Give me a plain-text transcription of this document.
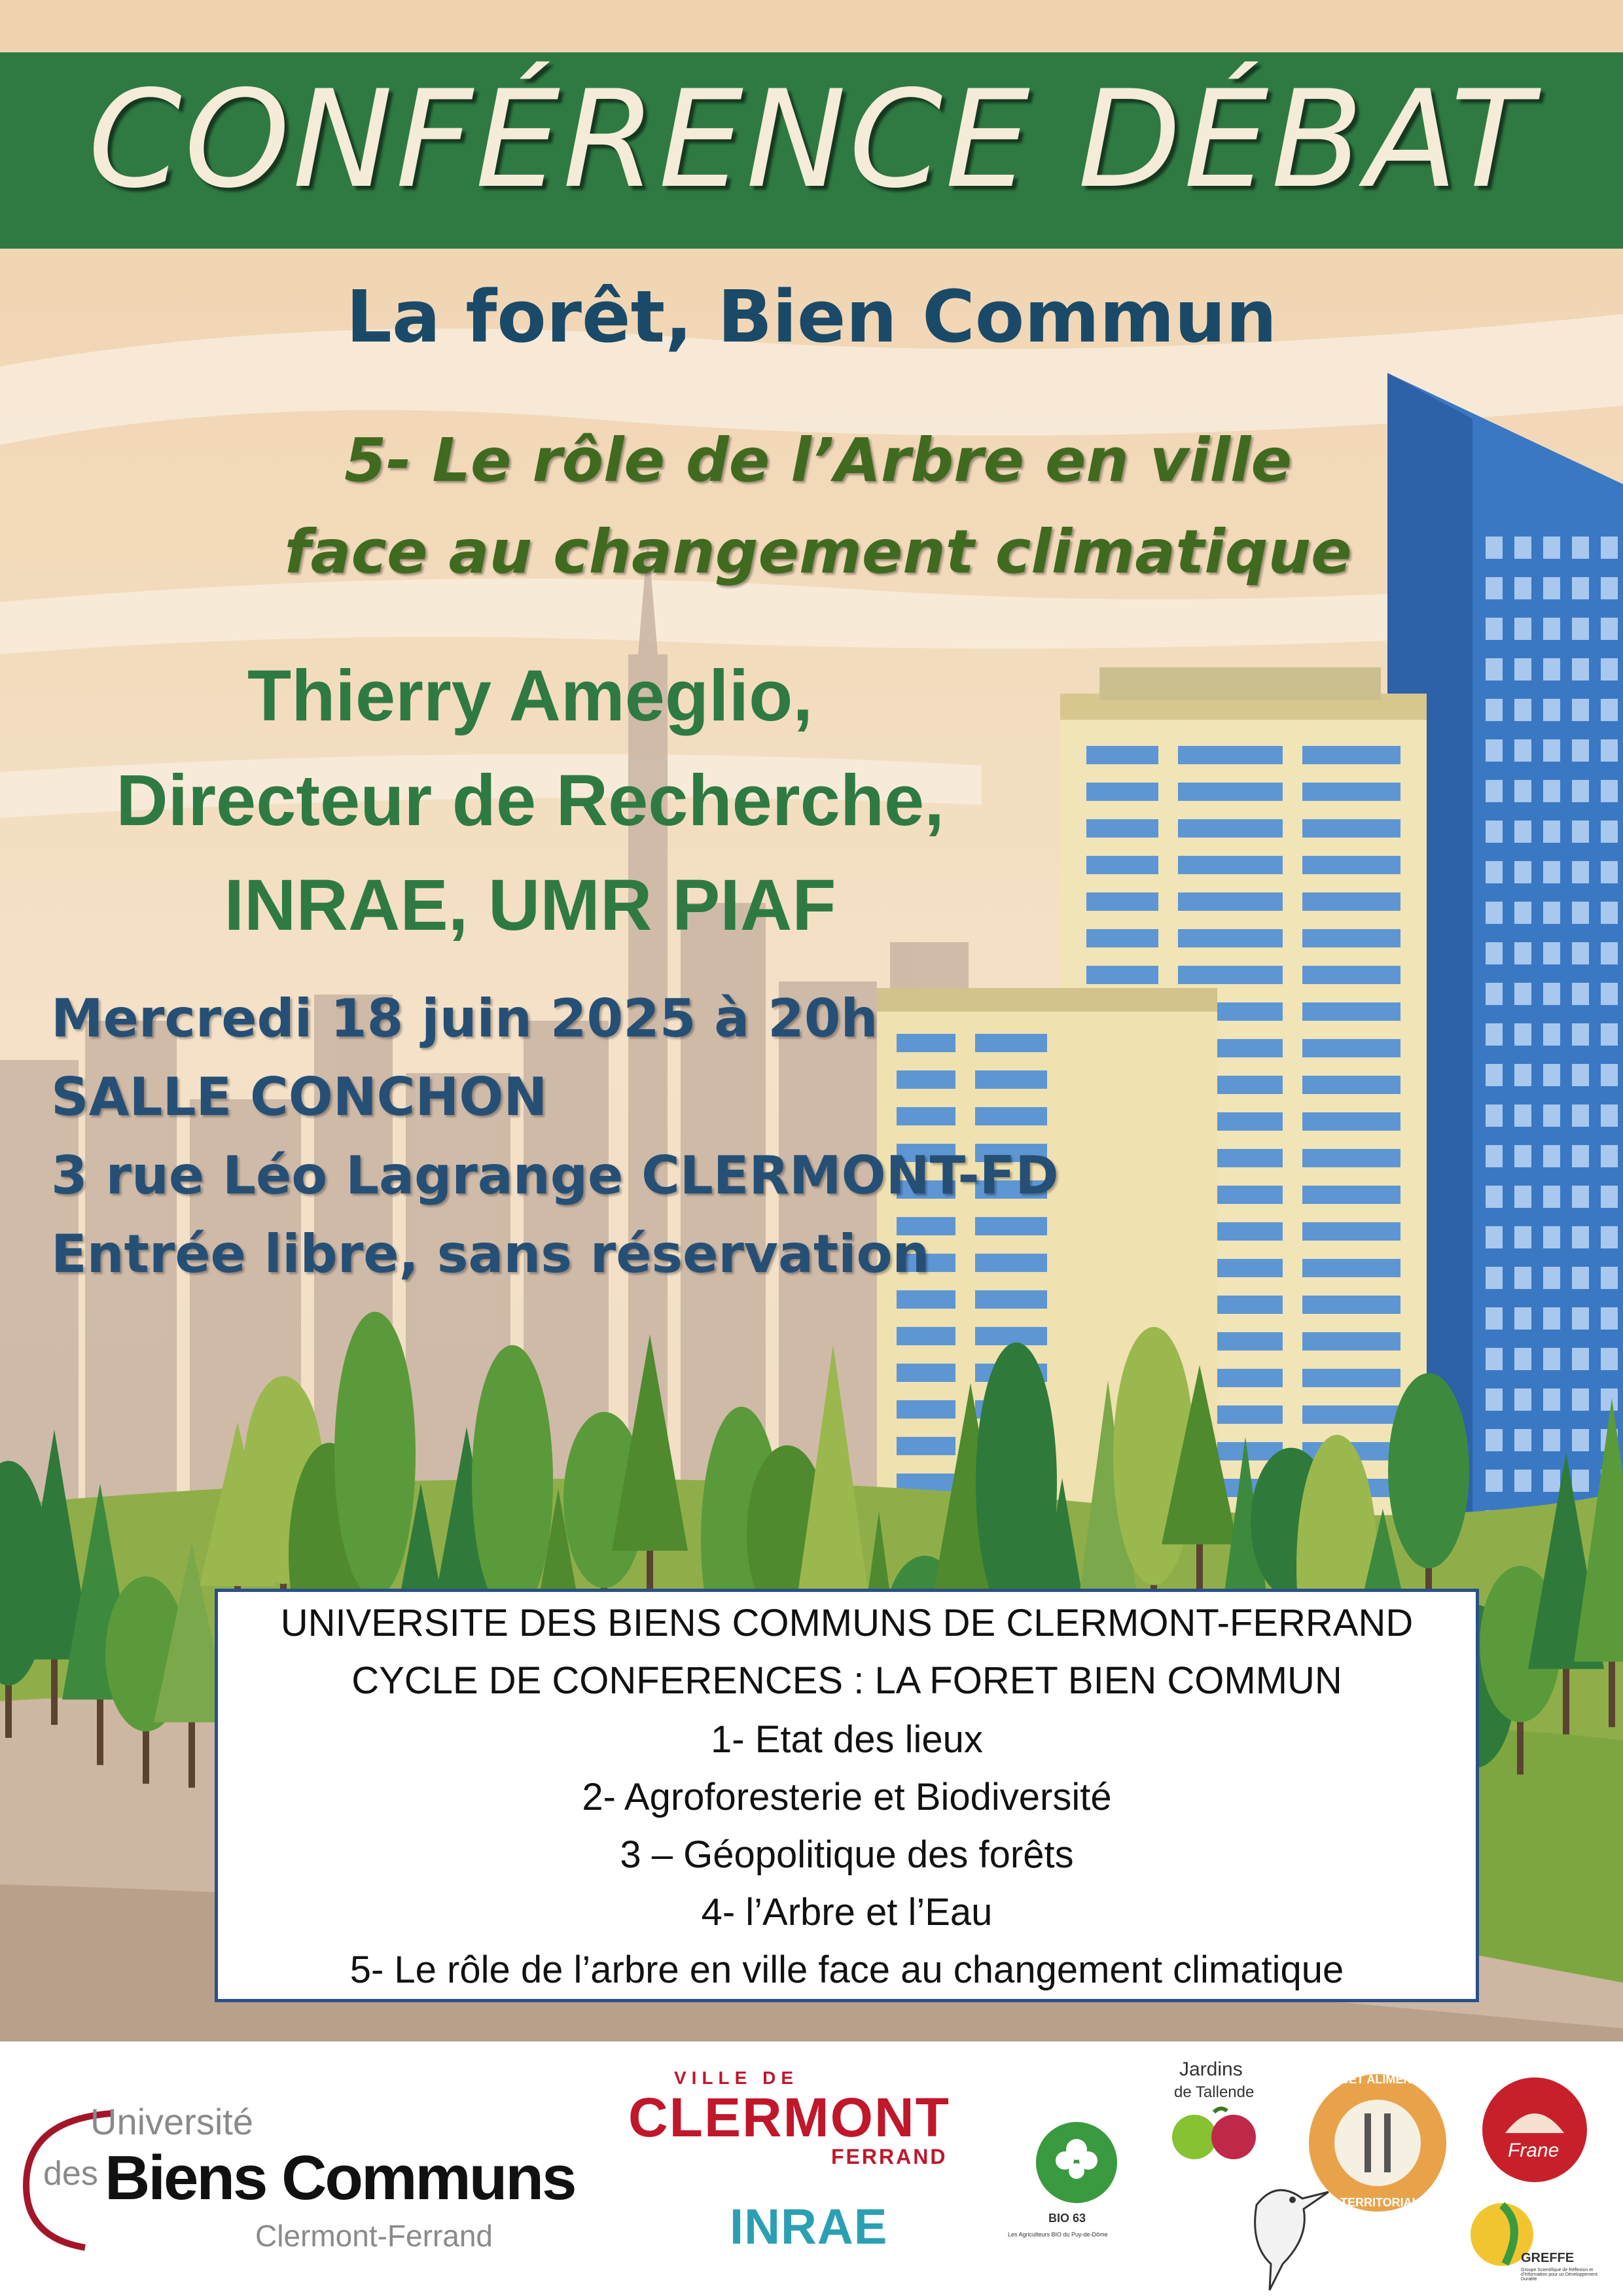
CONFÉRENCE DÉBAT
La forêt, Bien Commun
5- Le rôle de l’Arbre en ville
face au changement climatique
Thierry Ameglio,
Directeur de Recherche,
INRAE, UMR PIAF
Mercredi 18 juin 2025 à 20h
SALLE CONCHON
3 rue Léo Lagrange CLERMONT-FD
Entrée libre, sans réservation
UNIVERSITE DES BIENS COMMUNS DE CLERMONT-FERRAND
CYCLE DE CONFERENCES : LA FORET BIEN COMMUN
1- Etat des lieux
2- Agroforesterie et Biodiversité
3 – Géopolitique des forêts
4- l’Arbre et l’Eau
5- Le rôle de l’arbre en ville face au changement climatique
Université
des Biens Communs
Clermont-Ferrand
VILLE DE
CLERMONT
FERRAND
INRAE	BIO 63
Les Agriculteurs BIO du Puy-de-Dôme
Jardins
de Tallende
PROJET ALIMENTAIRE
TERRITORIAL
Frane
GREFFE
Groupe Scientifique de Réflexion et d'Information pour un Développement Durable
